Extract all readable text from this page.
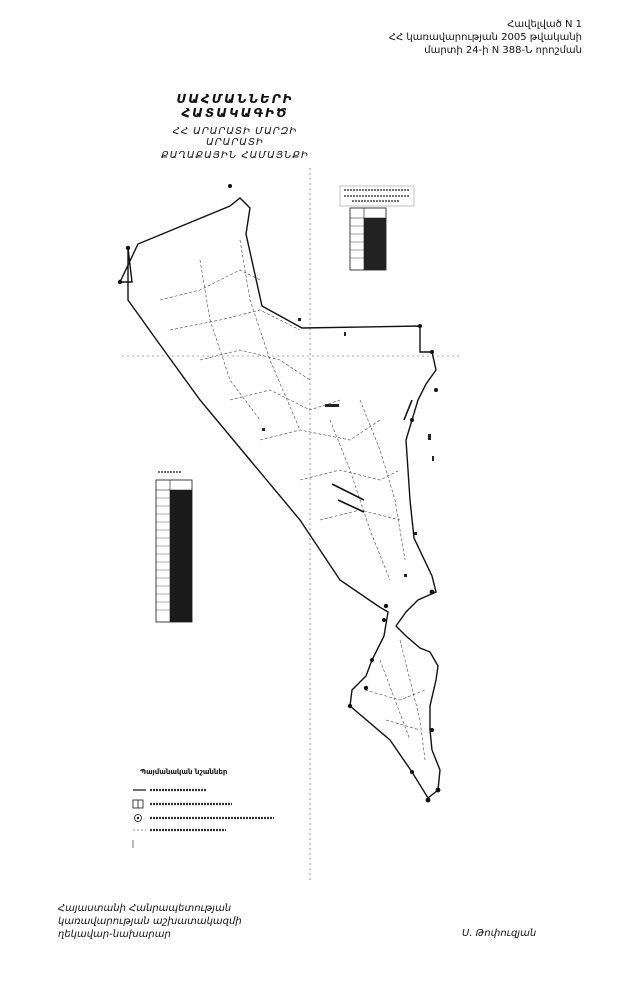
Հավելված N 1
ՀՀ կառավարության 2005 թվականի
մարտի 24-ի N 388-Ն որոշման
ՍԱՀՄԱՆՆԵՐԻ ՀԱՏԱԿԱԳԻԾ
ՀՀ ԱՐԱՐԱՏԻ ՄԱՐԶԻ ԱՐԱՐԱՏԻ
ՔԱՂԱՔԱՅԻՆ ՀԱՄԱՅՆՔԻ
Պայմանական նշաններ
Հայաստանի Հանրապետության
կառավարության աշխատակազմի
ղեկավար-նախարար	Ս. Թոփուզյան
